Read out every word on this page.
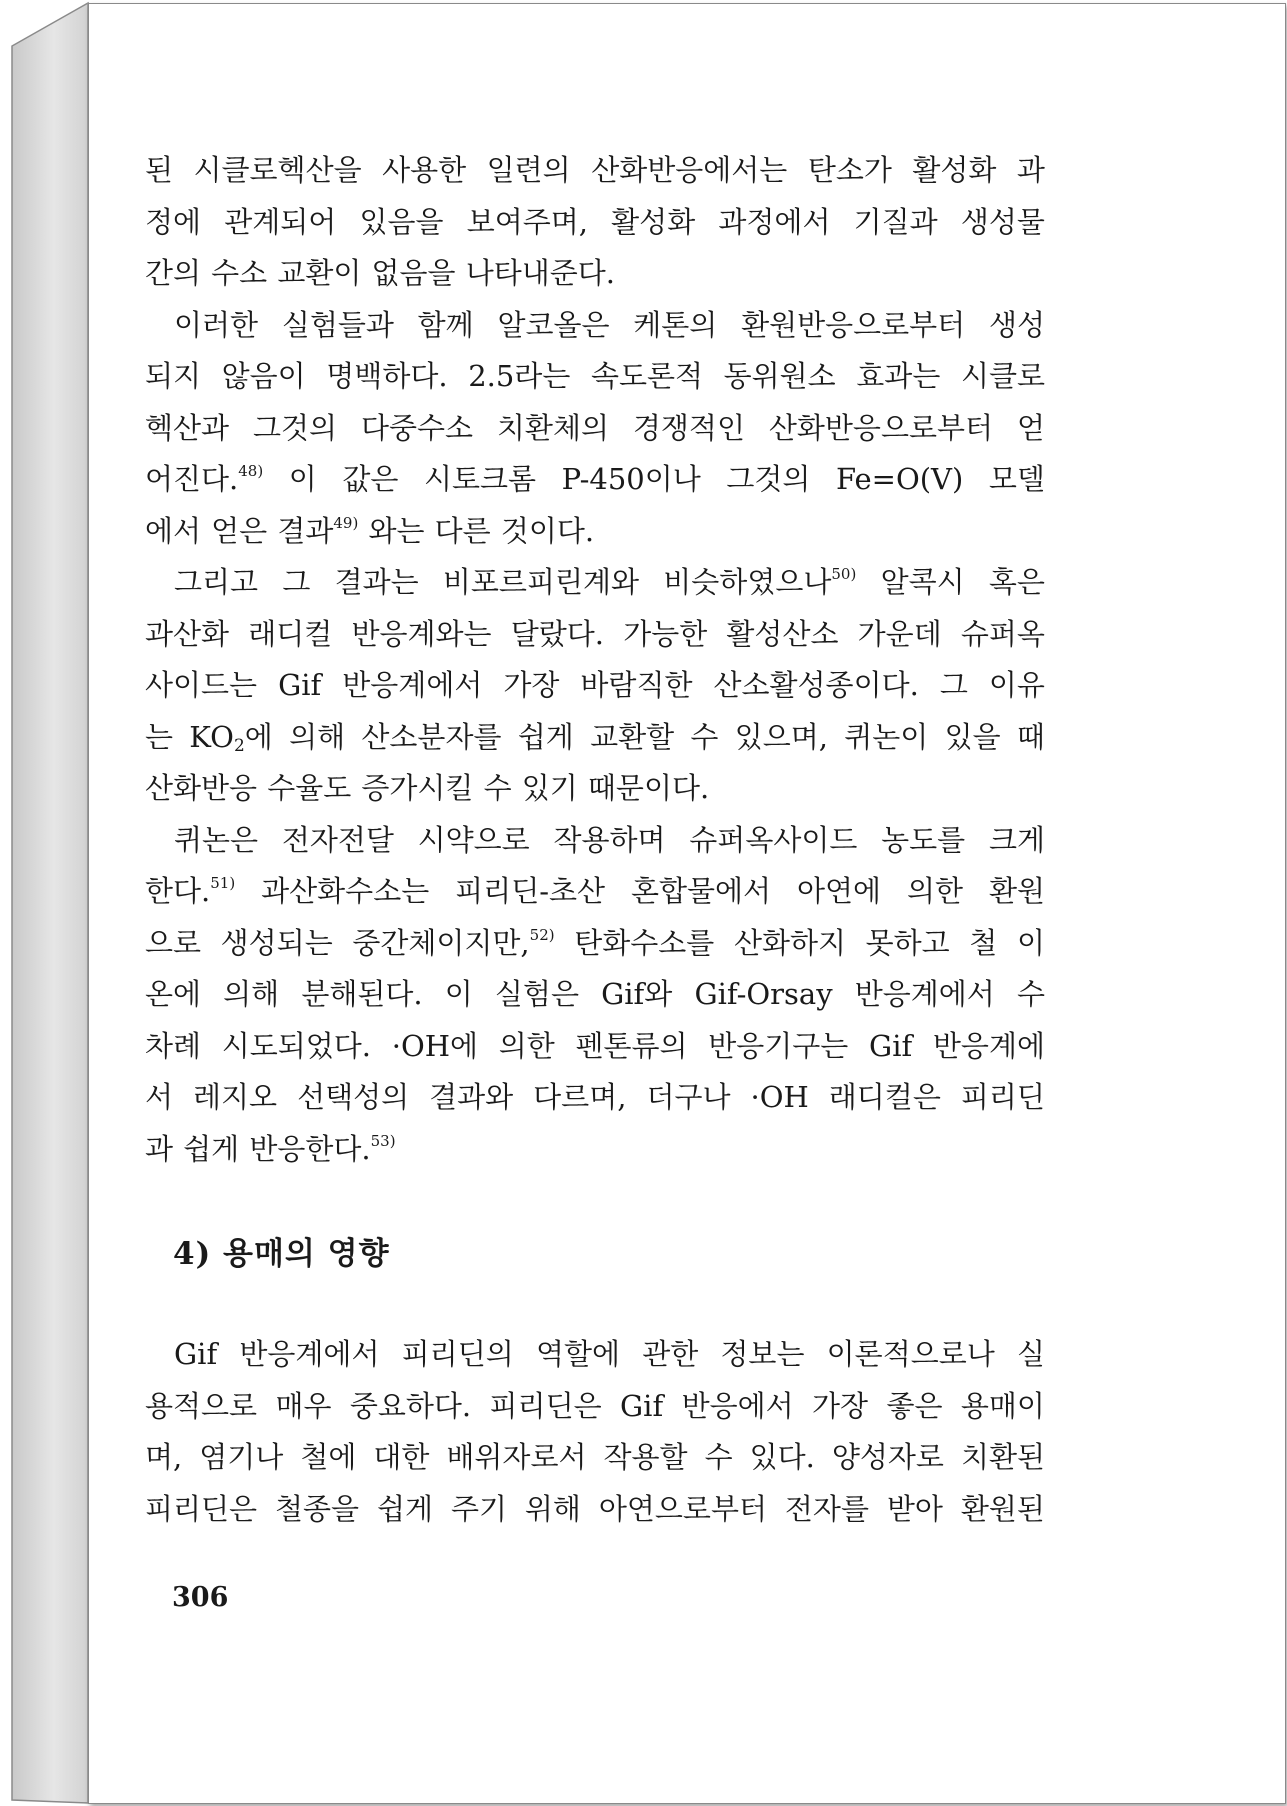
된 시클로헥산을 사용한 일련의 산화반응에서는 탄소가 활성화 과
정에 관계되어 있음을 보여주며, 활성화 과정에서 기질과 생성물
간의 수소 교환이 없음을 나타내준다.
이러한 실험들과 함께 알코올은 케톤의 환원반응으로부터 생성
되지 않음이 명백하다. 2.5라는 속도론적 동위원소 효과는 시클로
헥산과 그것의 다중수소 치환체의 경쟁적인 산화반응으로부터 얻
어진다.$^{48)}$ 이 값은 시토크롬 P-450이나 그것의 Fe=O(V) 모델
에서 얻은 결과$^{49)}$ 와는 다른 것이다.
그리고 그 결과는 비포르피린계와 비슷하였으나$^{50)}$ 알콕시 혹은
과산화 래디컬 반응계와는 달랐다. 가능한 활성산소 가운데 슈퍼옥
사이드는 Gif 반응계에서 가장 바람직한 산소활성종이다. 그 이유
는 $KO_2$에 의해 산소분자를 쉽게 교환할 수 있으며, 퀴논이 있을 때
산화반응 수율도 증가시킬 수 있기 때문이다.
퀴논은 전자전달 시약으로 작용하며 슈퍼옥사이드 농도를 크게
한다.$^{51)}$ 과산화수소는 피리딘-초산 혼합물에서 아연에 의한 환원
으로 생성되는 중간체이지만,$^{52)}$ 탄화수소를 산화하지 못하고 철 이
온에 의해 분해된다. 이 실험은 Gif와 Gif-Orsay 반응계에서 수
차례 시도되었다. ·OH에 의한 펜톤류의 반응기구는 Gif 반응계에
서 레지오 선택성의 결과와 다르며, 더구나 ·OH 래디컬은 피리딘
과 쉽게 반응한다.$^{53)}$
4) 용매의 영향
Gif 반응계에서 피리딘의 역할에 관한 정보는 이론적으로나 실
용적으로 매우 중요하다. 피리딘은 Gif 반응에서 가장 좋은 용매이
며, 염기나 철에 대한 배위자로서 작용할 수 있다. 양성자로 치환된
피리딘은 철종을 쉽게 주기 위해 아연으로부터 전자를 받아 환원된
306
